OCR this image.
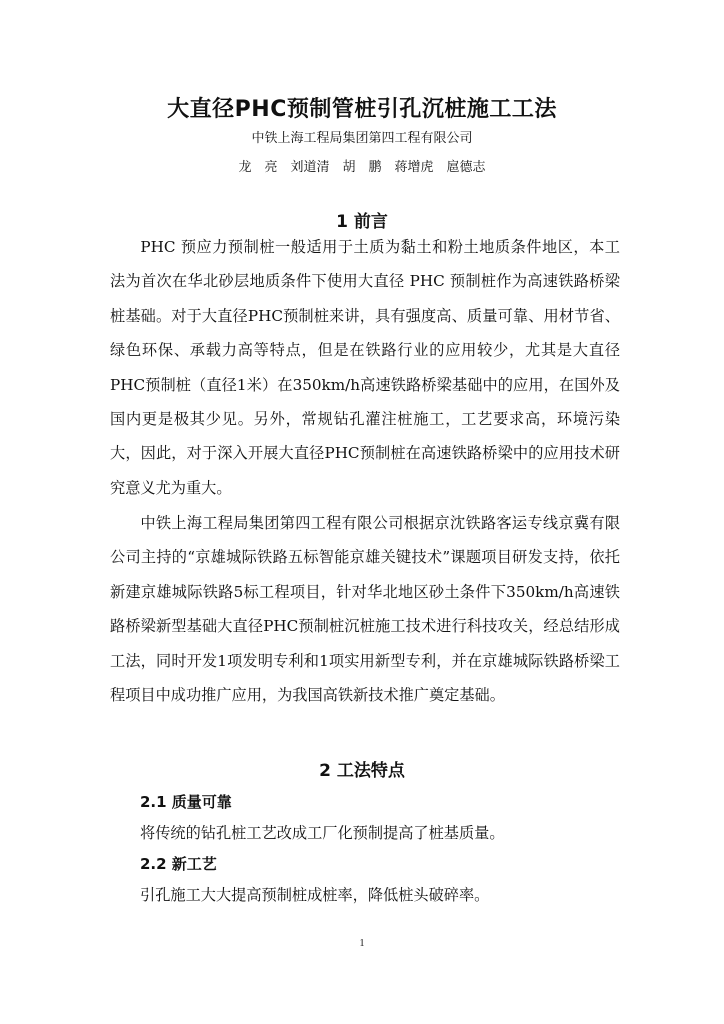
大直径PHC预制管桩引孔沉桩施工工法
中铁上海工程局集团第四工程有限公司
龙　亮　刘道清　胡　鹏　蒋增虎　扈德志
1 前言

PHC 预应力预制桩一般适用于土质为黏土和粉土地质条件地区，本工法为首次在华北砂层地质条件下使用大直径 PHC 预制桩作为高速铁路桥梁桩基础。对于大直径PHC预制桩来讲，具有强度高、质量可靠、用材节省、绿色环保、承载力高等特点，但是在铁路行业的应用较少，尤其是大直径PHC预制桩（直径1米）在350km/h高速铁路桥梁基础中的应用，在国外及国内更是极其少见。另外，常规钻孔灌注桩施工，工艺要求高，环境污染大，因此，对于深入开展大直径PHC预制桩在高速铁路桥梁中的应用技术研究意义尤为重大。

中铁上海工程局集团第四工程有限公司根据京沈铁路客运专线京冀有限公司主持的“京雄城际铁路五标智能京雄关键技术”课题项目研发支持，依托新建京雄城际铁路5标工程项目，针对华北地区砂土条件下350km/h高速铁路桥梁新型基础大直径PHC预制桩沉桩施工技术进行科技攻关，经总结形成工法，同时开发1项发明专利和1项实用新型专利，并在京雄城际铁路桥梁工程项目中成功推广应用，为我国高铁新技术推广奠定基础。

2 工法特点
2.1 质量可靠
将传统的钻孔桩工艺改成工厂化预制提高了桩基质量。
2.2 新工艺
引孔施工大大提高预制桩成桩率，降低桩头破碎率。
1
